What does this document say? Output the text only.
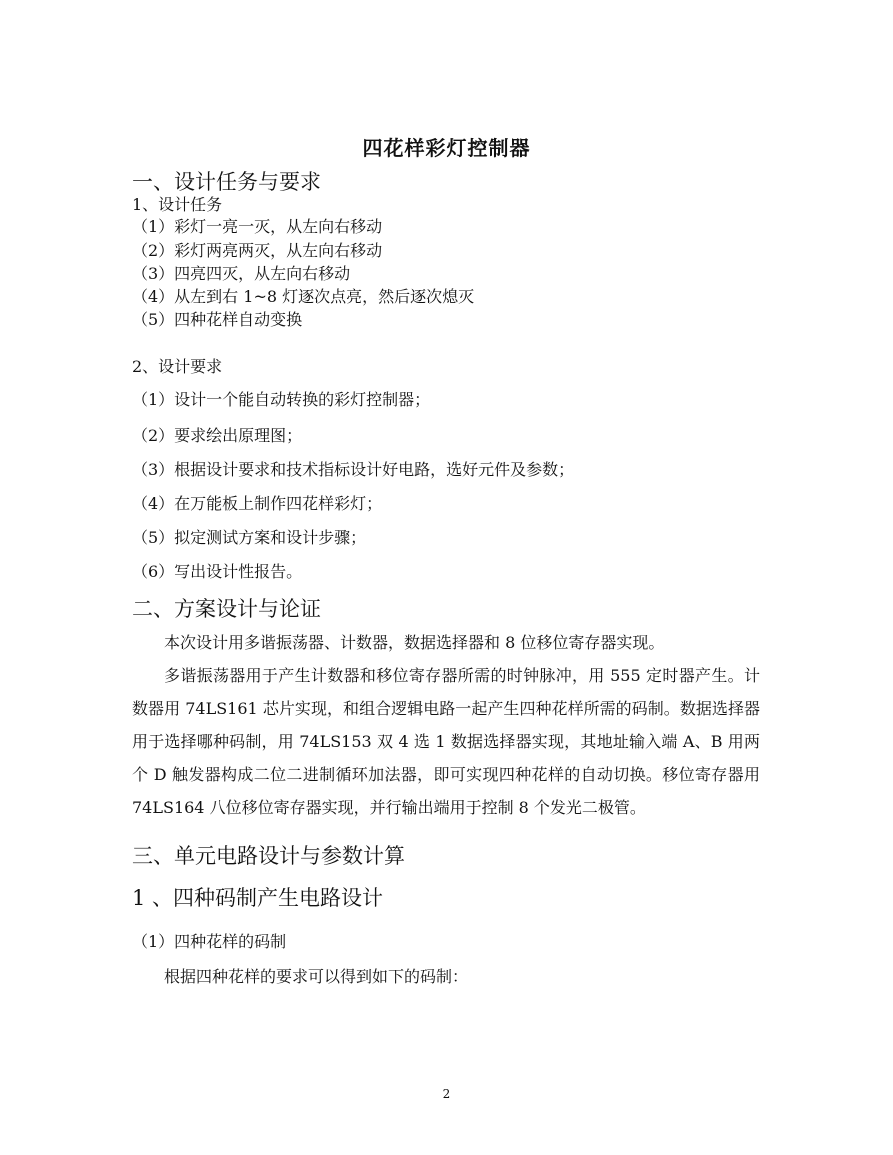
四花样彩灯控制器
一、设计任务与要求
1、设计任务
（1）彩灯一亮一灭，从左向右移动
（2）彩灯两亮两灭，从左向右移动
（3）四亮四灭，从左向右移动
（4）从左到右 1~8 灯逐次点亮，然后逐次熄灭
（5）四种花样自动变换
2、设计要求
（1）设计一个能自动转换的彩灯控制器；
（2）要求绘出原理图；
（3）根据设计要求和技术指标设计好电路，选好元件及参数；
（4）在万能板上制作四花样彩灯；
（5）拟定测试方案和设计步骤；
（6）写出设计性报告。
二、方案设计与论证
本次设计用多谐振荡器、计数器，数据选择器和 8 位移位寄存器实现。
多谐振荡器用于产生计数器和移位寄存器所需的时钟脉冲，用 555 定时器产生。计数器用 74LS161 芯片实现，和组合逻辑电路一起产生四种花样所需的码制。数据选择器用于选择哪种码制，用 74LS153 双 4 选 1 数据选择器实现，其地址输入端 A、B 用两个 D 触发器构成二位二进制循环加法器，即可实现四种花样的自动切换。移位寄存器用 74LS164 八位移位寄存器实现，并行输出端用于控制 8 个发光二极管。
三、单元电路设计与参数计算
1 、四种码制产生电路设计
（1）四种花样的码制
根据四种花样的要求可以得到如下的码制：
2
